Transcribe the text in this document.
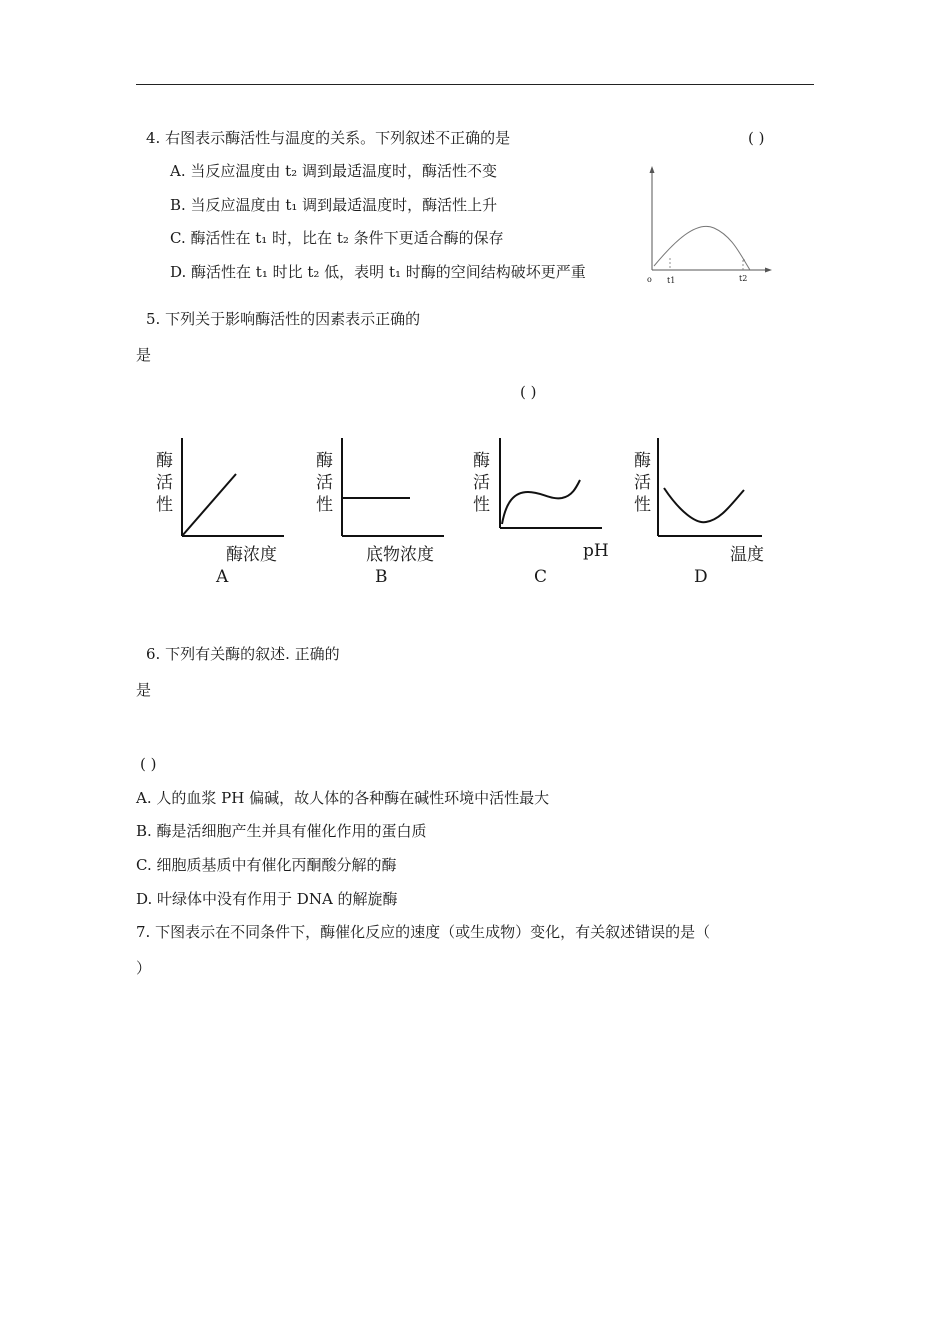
4. 右图表示酶活性与温度的关系。下列叙述不正确的是	( )
A. 当反应温度由 t₂ 调到最适温度时，酶活性不变
B. 当反应温度由 t₁ 调到最适温度时，酶活性上升
C. 酶活性在 t₁ 时，比在 t₂ 条件下更适合酶的保存
D. 酶活性在 t₁ 时比 t₂ 低，表明 t₁ 时酶的空间结构破坏更严重	o t1	t2
5. 下列关于影响酶活性的因素表示正确的
是
( )
酶
活
性
酶浓度
A
酶
活
性
底物浓度
B
酶
活
性
pH
C
酶
活
性
温度
D
6. 下列有关酶的叙述. 正确的
是
( )
A. 人的血浆 PH 偏碱，故人体的各种酶在碱性环境中活性最大
B. 酶是活细胞产生并具有催化作用的蛋白质
C. 细胞质基质中有催化丙酮酸分解的酶
D. 叶绿体中没有作用于 DNA 的解旋酶
7. 下图表示在不同条件下，酶催化反应的速度（或生成物）变化，有关叙述错误的是（
）
